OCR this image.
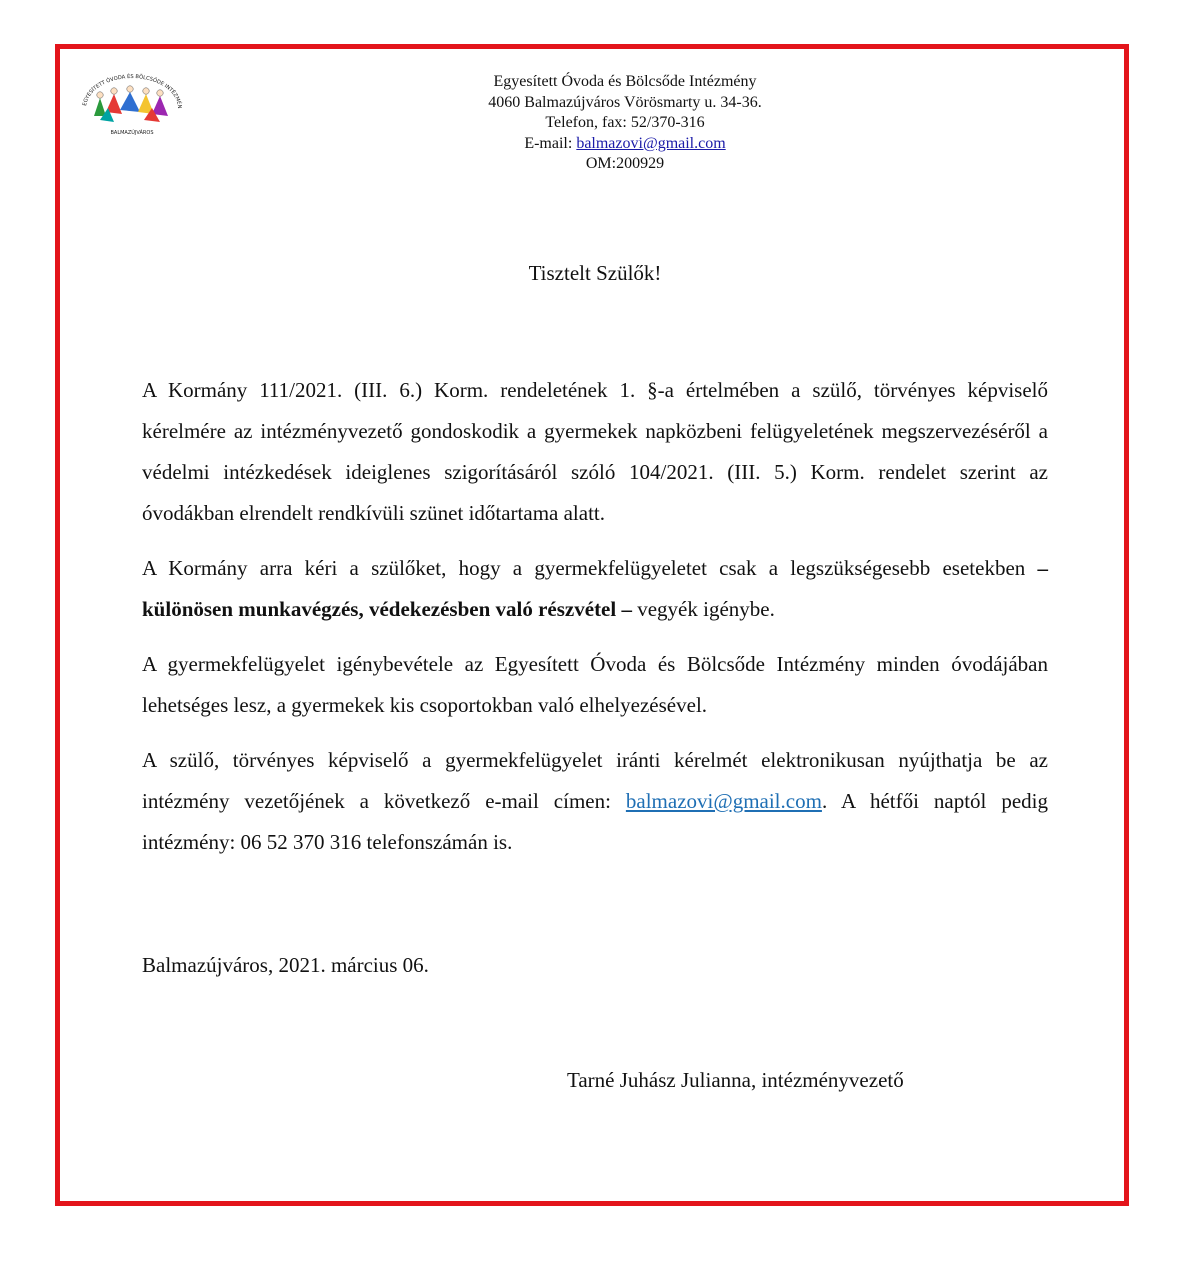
EGYESÍTETT ÓVODA ÉS BÖLCSŐDE INTÉZMÉN
BALMAZÚJVÁROS
Egyesített Óvoda és Bölcsőde Intézmény
4060 Balmazújváros Vörösmarty u. 34-36.
Telefon, fax: 52/370-316
E-mail: balmazovi@gmail.com
OM:200929
Tisztelt Szülők!

A Kormány 111/2021. (III. 6.) Korm. rendeletének 1. §-a értelmében a szülő, törvényes képviselő kérelmére az intézményvezető gondoskodik a gyermekek napközbeni felügyeletének megszervezéséről a védelmi intézkedések ideiglenes szigorításáról szóló 104/2021. (III. 5.) Korm. rendelet szerint az óvodákban elrendelt rendkívüli szünet időtartama alatt.

A Kormány arra kéri a szülőket, hogy a gyermekfelügyeletet csak a legszükségesebb esetekben – különösen munkavégzés, védekezésben való részvétel – vegyék igénybe.

A gyermekfelügyelet igénybevétele az Egyesített Óvoda és Bölcsőde Intézmény minden óvodájában lehetséges lesz, a gyermekek kis csoportokban való elhelyezésével.

A szülő, törvényes képviselő a gyermekfelügyelet iránti kérelmét elektronikusan nyújthatja be az intézmény vezetőjének a következő e-mail címen: balmazovi@gmail.com. A hétfői naptól pedig intézmény: 06 52 370 316 telefonszámán is.

Balmazújváros, 2021. március 06.
Tarné Juhász Julianna, intézményvezető
